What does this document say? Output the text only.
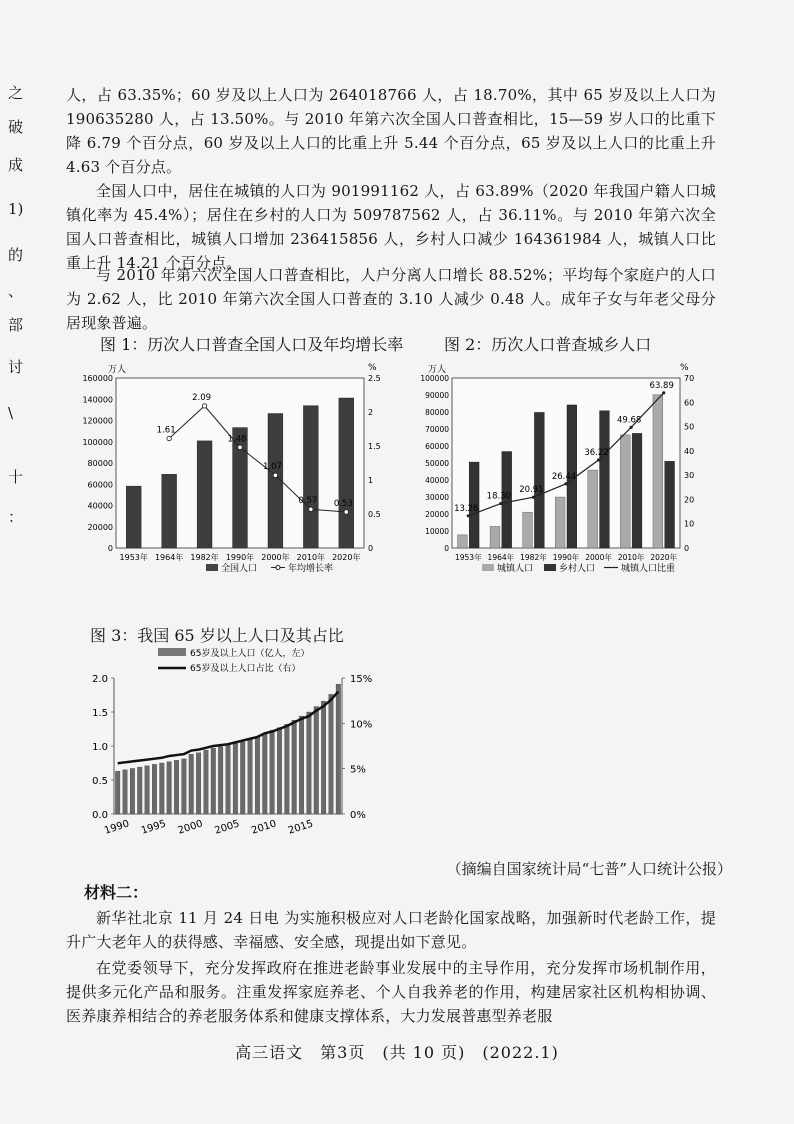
之
破
成
1)
的
、
部
讨
\
十
：

人，占 63.35%；60 岁及以上人口为 264018766 人，占 18.70%，其中 65 岁及以上人口为 190635280 人，占 13.50%。与 2010 年第六次全国人口普查相比，15—59 岁人口的比重下降 6.79 个百分点，60 岁及以上人口的比重上升 5.44 个百分点，65 岁及以上人口的比重上升 4.63 个百分点。

全国人口中，居住在城镇的人口为 901991162 人，占 63.89%（2020 年我国户籍人口城镇化率为 45.4%）；居住在乡村的人口为 509787562 人，占 36.11%。与 2010 年第六次全国人口普查相比，城镇人口增加 236415856 人，乡村人口减少 164361984 人，城镇人口比重上升 14.21 个百分点。

与 2010 年第六次全国人口普查相比，人户分离人口增长 88.52%；平均每个家庭户的人口为 2.62 人，比 2010 年第六次全国人口普查的 3.10 人减少 0.48 人。成年子女与年老父母分居现象普遍。

图 1：历次人口普查全国人口及年均增长率	图 2：历次人口普查城乡人口
万人	%
0
20000
40000
60000
80000
100000
120000
140000
160000
0
0.5
1
1.5
2
2.5
1953年 1964年 1982年 1990年 2000年 2010年 2020年
1.61
2.09
1.48
1.07
0.57 0.53
全国人口	年均增长率
万人	%
0
10000
20000
30000
40000
50000
60000
70000
80000
90000
100000
0
10
20
30
40
50
60
70
1953年 1964年 1982年 1990年 2000年 2010年 2020年
13.26
18.30
20.91
26.44
36.22
49.68
63.89
城镇人口	乡村人口	城镇人口比重
图 3：我国 65 岁以上人口及其占比
65岁及以上人口（亿人，左）
65岁及以上人口占比（右）
0.0
0.5
1.0
1.5
2.0
0%
5%
10%
15%
1990 1995 2000 2005 2010 2015
（摘编自国家统计局“七普”人口统计公报）
材料二：

新华社北京 11 月 24 日电 为实施积极应对人口老龄化国家战略，加强新时代老龄工作，提升广大老年人的获得感、幸福感、安全感，现提出如下意见。

在党委领导下，充分发挥政府在推进老龄事业发展中的主导作用，充分发挥市场机制作用，提供多元化产品和服务。注重发挥家庭养老、个人自我养老的作用，构建居家社区机构相协调、医养康养相结合的养老服务体系和健康支撑体系，大力发展普惠型养老服

高三语文　第3页　(共 10 页)　(2022.1)
